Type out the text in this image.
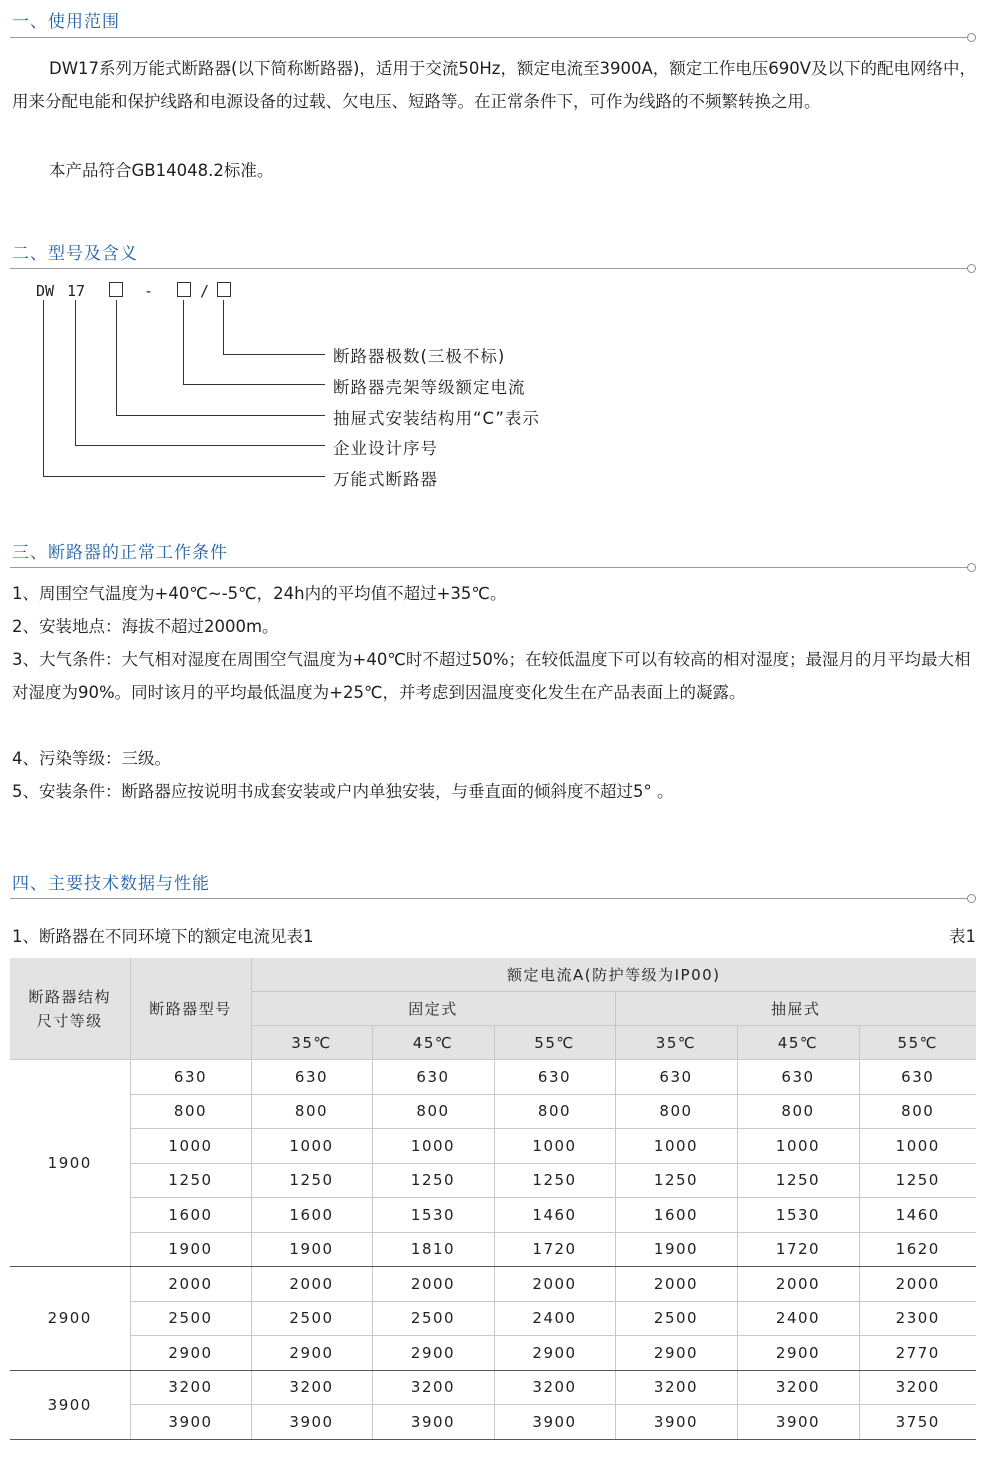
一、使用范围
DW17系列万能式断路器(以下简称断路器)，适用于交流50Hz，额定电流至3900A，额定工作电压690V及以下的配电网络中， 用来分配电能和保护线路和电源设备的过载、欠电压、短路等。在正常条件下，可作为线路的不频繁转换之用。
本产品符合GB14048.2标准。
二、型号及含义
DW 17	-	/
断路器极数(三极不标)
断路器壳架等级额定电流
抽屉式安装结构用“C”表示
企业设计序号
万能式断路器
三、断路器的正常工作条件
1、周围空气温度为+40℃~-5℃，24h内的平均值不超过+35℃。
2、安装地点：海拔不超过2000m。
3、大气条件：大气相对湿度在周围空气温度为+40℃时不超过50%；在较低温度下可以有较高的相对湿度；最湿月的月平均最大相对湿度为90%。同时该月的平均最低温度为+25℃，并考虑到因温度变化发生在产品表面上的凝露。
4、污染等级：三级。
5、安装条件：断路器应按说明书成套安装或户内单独安装，与垂直面的倾斜度不超过5° 。
四、主要技术数据与性能
1、断路器在不同环境下的额定电流见表1	表1
断路器结构尺寸等级	断路器型号	额定电流A(防护等级为IP00)					
		固定式			抽屉式		
		35℃	45℃	55℃	35℃	45℃	55℃
1900	630	630	630	630	630	630	630
	800	800	800	800	800	800	800
	1000	1000	1000	1000	1000	1000	1000
	1250	1250	1250	1250	1250	1250	1250
	1600	1600	1530	1460	1600	1530	1460
	1900	1900	1810	1720	1900	1720	1620
2900	2000	2000	2000	2000	2000	2000	2000
	2500	2500	2500	2400	2500	2400	2300
	2900	2900	2900	2900	2900	2900	2770
3900	3200	3200	3200	3200	3200	3200	3200
	3900	3900	3900	3900	3900	3900	3750
